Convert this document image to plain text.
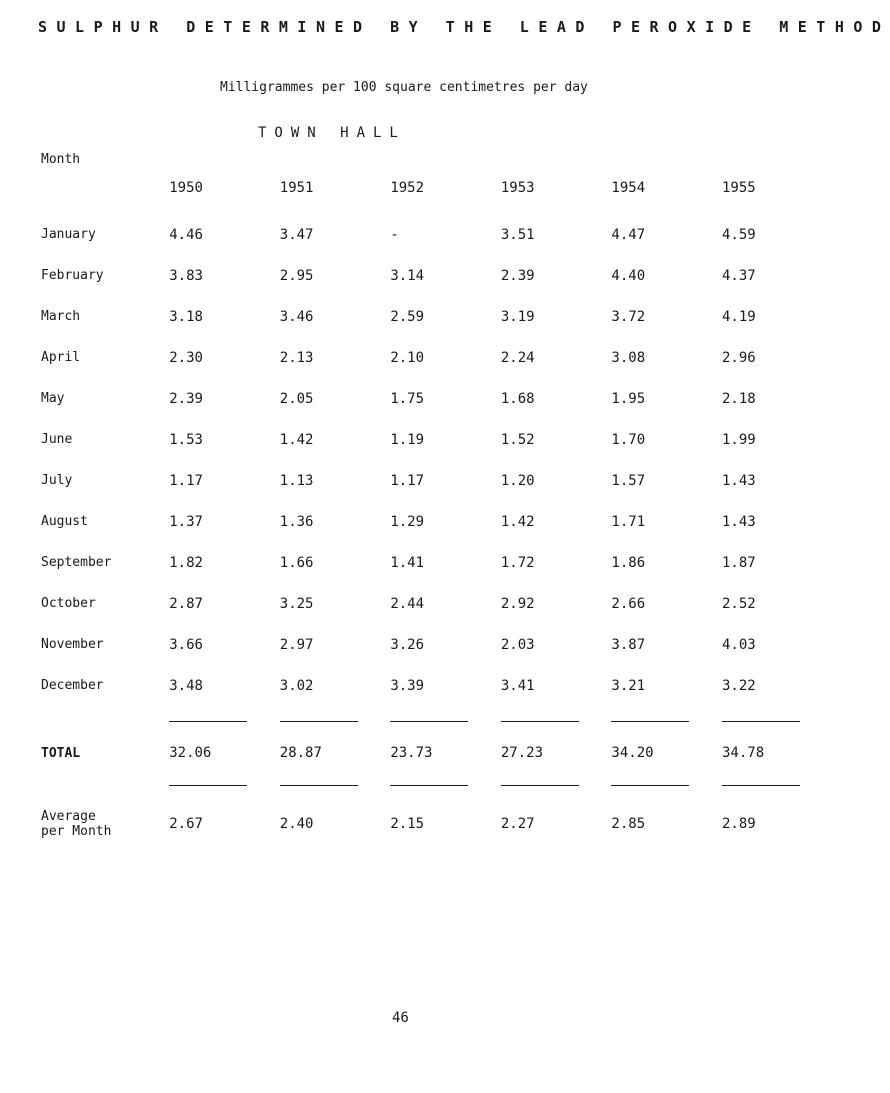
SULPHUR DETERMINED BY THE LEAD PEROXIDE METHOD
Milligrammes per 100 square centimetres per day
TOWN HALL
Month
	1950	1951	1952	1953	1954	1955
January	4.46	3.47	-	3.51	4.47	4.59
February	3.83	2.95	3.14	2.39	4.40	4.37
March	3.18	3.46	2.59	3.19	3.72	4.19
April	2.30	2.13	2.10	2.24	3.08	2.96
May	2.39	2.05	1.75	1.68	1.95	2.18
June	1.53	1.42	1.19	1.52	1.70	1.99
July	1.17	1.13	1.17	1.20	1.57	1.43
August	1.37	1.36	1.29	1.42	1.71	1.43
September	1.82	1.66	1.41	1.72	1.86	1.87
October	2.87	3.25	2.44	2.92	2.66	2.52
November	3.66	2.97	3.26	2.03	3.87	4.03
December	3.48	3.02	3.39	3.41	3.21	3.22

TOTAL	32.06	28.87	23.73	27.23	34.20	34.78

Average
per Month	2.67	2.40	2.15	2.27	2.85	2.89
46
